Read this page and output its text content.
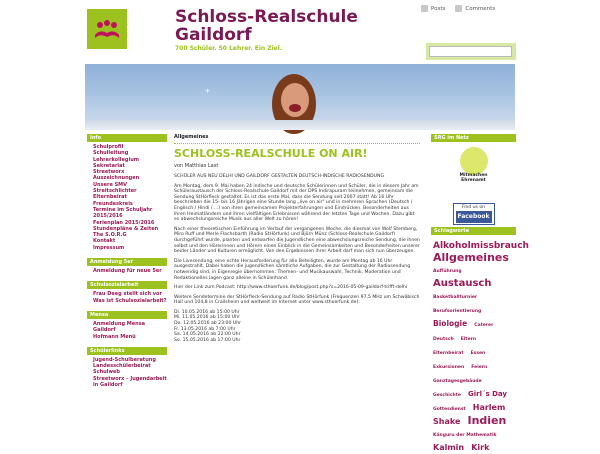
Schloss-Realschule
Gaildorf
700 Schüler. 50 Lehrer. Ein Ziel.
Posts	Comments
✈
Info
Schulprofil
Schulleitung
Lehrerkollegium
Sekretariat
Streetworx
Auszeichnungen
Unsere SMV
Streitschlichter
Elternbeirat
Freundeskreis
Termine im Schuljahr 2015/2016
Ferienplan 2015/2016
Stundenpläne & Zeiten
The S.O.R.G
Kontakt
Impressum
Anmeldung 5er
Anmeldung für neue 5er
Schulsozialarbeit
Frau Deeg stellt sich vor
Was ist Schulsozialarbeit?
Mensa
Anmeldung Mensa Gaildorf
Hofmann Menü
Schülerlinks
Jugend-Schulberatung
Landesschülerbeirat
Schulweb
Streetworx – Jugendarbeit in Gaildorf
Allgemeines
SCHLOSS-REALSCHULE ON AIR!
von Matthias Last

SCHÜLER AUS NEU DELHI UND GAILDORF GESTALTEN DEUTSCH-INDISCHE RADIOSENDUNG

Am Montag, dem 9. Mai haben 24 indische und deutsche Schülerinnen und Schüler, die in diesem Jahr am Schüleraustausch der Schloss-Realschule Gaildorf mit der DPS Indirapuram teilnehmen, gemeinsam die Sendung StHörfleck gestaltet. Es ist das erste Mal, dass die Sendung seit 2007 statt! Ab 16 Uhr beschrieben die 15- bis 16 Jährigen eine Stunde lang „live on air" und in mehreren Sprachen (Deutsch / Englisch / Hindi / ...) von ihren gemeinsamen Projekterfahrungen und Eindrücken. Besonderheiten aus ihren Heimatländern und ihren vielfältigen Erlebnissen während der letzten Tage und Wochen. Dazu gibt es abwechslungsreiche Musik aus aller Welt zu hören!

Nach einer theoretischen Einführung im Verlauf der vergangenen Woche, die diesmal von Wolf Stemberg, Miro Ruff und Merle Flachsbarth (Radio StHörfunk) und Björn Münz (Schloss-Realschule Gaildorf) durchgeführt wurde, planten und entwarfen die Jugendlichen eine abwechslungsreiche Sendung, die ihnen selbst und den Hörerinnen und Hörern einen Einblick in die Gemeinsamkeiten und Besonderheiten unserer beider Länder und Kulturen ermöglicht. Von den Ergebnissen ihrer Arbeit darf man sich nun überzeugen.

Die Livesendung, eine echte Herausforderung für alle Beteiligten, wurde am Montag ab 16 Uhr ausgestrahlt. Dabei haben die jugendlichen sämtliche Aufgaben, die zur Gestaltung der Radiosendung notwendig sind, in Eigenregie übernommen: Themen- und Musikauswahl, Technik, Moderation und Redaktionelles lagen ganz alleine in Schülerhand.

Hier der Link zum Podcast: http://www.sthoerfunk.de/blog/post.php?s=2016-05-09-gaildorf-trifft-delhi

Weitere Sendetermine der StHörfleck-Sendung auf Radio StHörfunk (Frequenzen 97,5 MHz um Schwäbisch Hall und 104,8 in Crailsheim und weltweit im Internet unter www.sthoerfunk.de):

Di. 10.05.2016 ab 15:00 Uhr
Mi. 11.05.2016 ab 15:00 Uhr
Do. 12.05.2016 ab 23:00 Uhr
Fr. 13.05.2016 ab 7:00 Uhr
Sa. 14.05.2016 ab 22:00 Uhr
So. 15.05.2016 ab 17:00 Uhr

SRG im Netz
Mitmachen Ehrenamt
Find us on
Facebook
Schlagworte
Alkoholmissbrauch Allgemeines Aufführung Austausch Basketballturnier Berufsorientierung Biologie Caterer Deutsch Eltern Elternbeirat Essen Exkursionen Feiern Ganztagesgebäude Geschichte Girl´s Day Gottesdienst Harlem Shake Indien Känguru der Mathematik Kalmin Kirk
